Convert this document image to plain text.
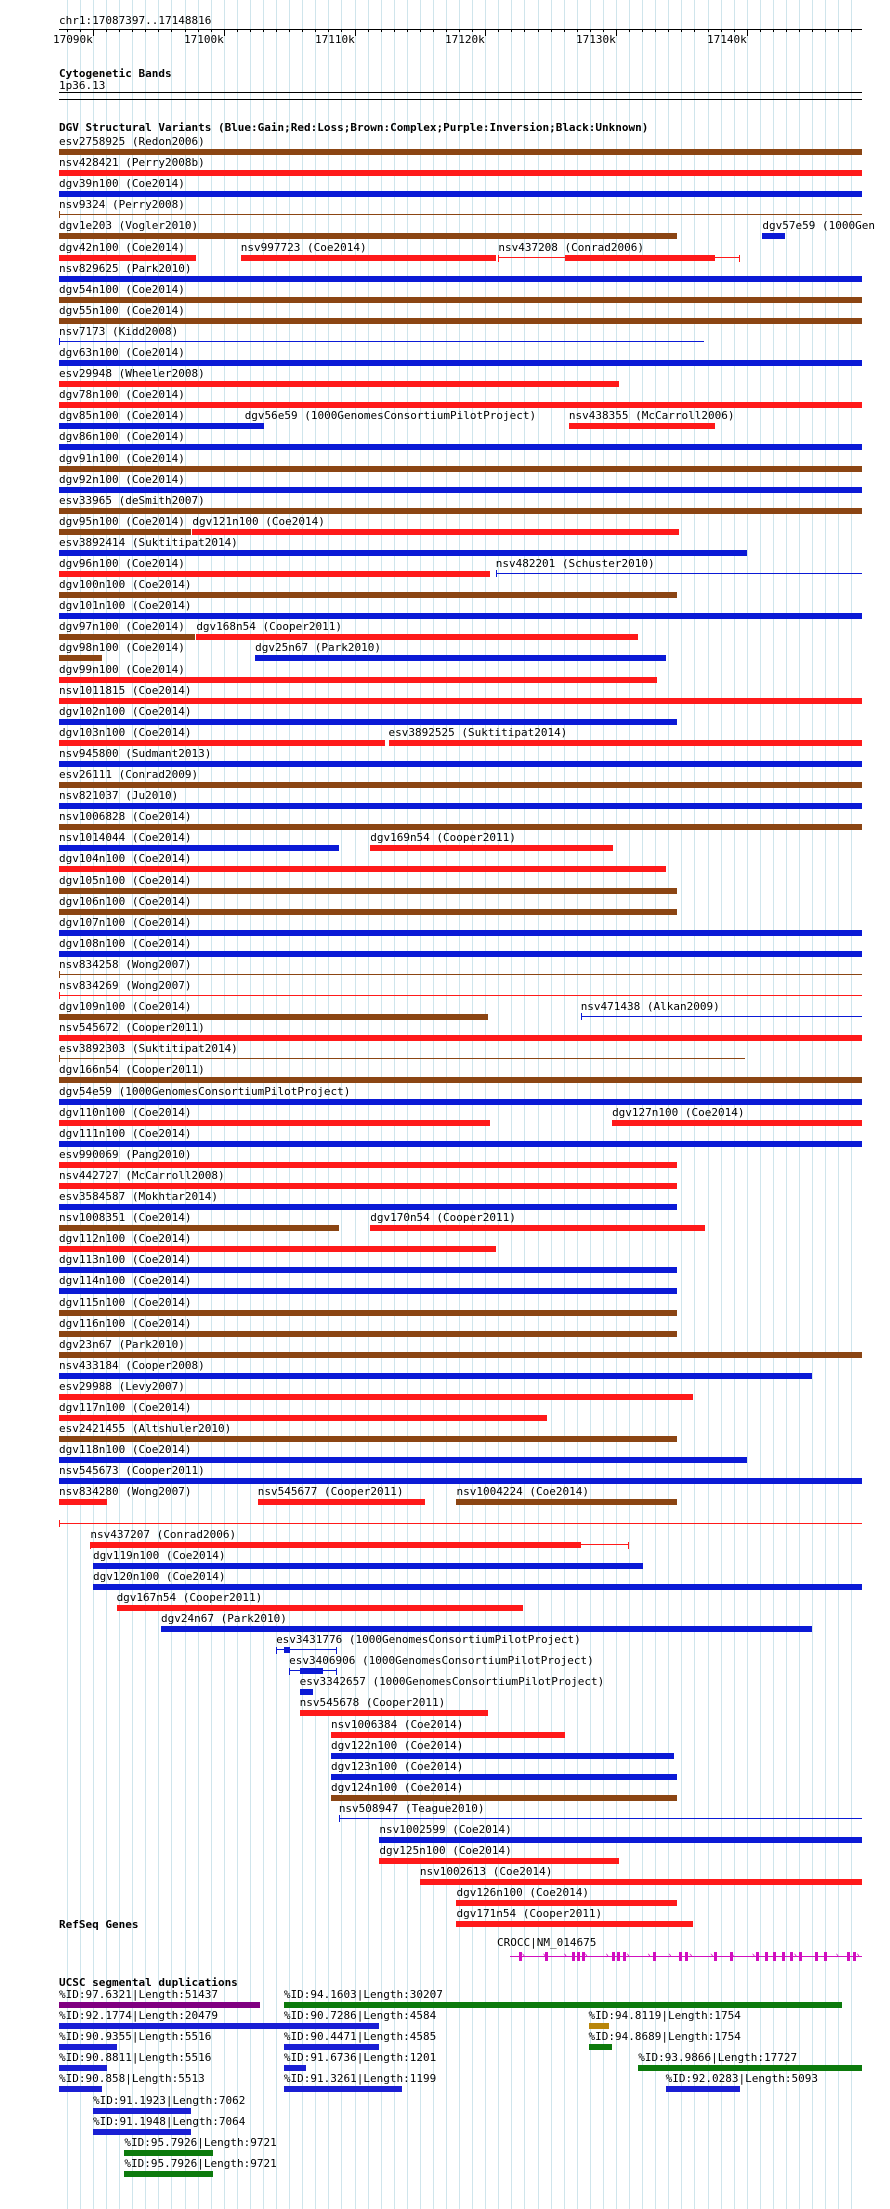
chr1:17087397..17148816
17090k	17100k	17110k	17120k	17130k	17140k
Cytogenetic Bands
1p36.13
DGV Structural Variants (Blue:Gain;Red:Loss;Brown:Complex;Purple:Inversion;Black:Unknown)
esv2758925 (Redon2006)
nsv428421 (Perry2008b)
dgv39n100 (Coe2014)
nsv9324 (Perry2008)
dgv1e203 (Vogler2010)	dgv57e59 (1000Gen
dgv42n100 (Coe2014)	nsv997723 (Coe2014)	nsv437208 (Conrad2006)
nsv829625 (Park2010)
dgv54n100 (Coe2014)
dgv55n100 (Coe2014)
nsv7173 (Kidd2008)
dgv63n100 (Coe2014)
esv29948 (Wheeler2008)
dgv78n100 (Coe2014)
dgv85n100 (Coe2014)	dgv56e59 (1000GenomesConsortiumPilotProject)	nsv438355 (McCarroll2006)
dgv86n100 (Coe2014)
dgv91n100 (Coe2014)
dgv92n100 (Coe2014)
esv33965 (deSmith2007)
dgv95n100 (Coe2014) dgv121n100 (Coe2014)
esv3892414 (Suktitipat2014)
dgv96n100 (Coe2014)	nsv482201 (Schuster2010)
dgv100n100 (Coe2014)
dgv101n100 (Coe2014)
dgv97n100 (Coe2014) dgv168n54 (Cooper2011)
dgv98n100 (Coe2014)	dgv25n67 (Park2010)
dgv99n100 (Coe2014)
nsv1011815 (Coe2014)
dgv102n100 (Coe2014)
dgv103n100 (Coe2014)	esv3892525 (Suktitipat2014)
nsv945800 (Sudmant2013)
esv26111 (Conrad2009)
nsv821037 (Ju2010)
nsv1006828 (Coe2014)
nsv1014044 (Coe2014)	dgv169n54 (Cooper2011)
dgv104n100 (Coe2014)
dgv105n100 (Coe2014)
dgv106n100 (Coe2014)
dgv107n100 (Coe2014)
dgv108n100 (Coe2014)
nsv834258 (Wong2007)
nsv834269 (Wong2007)
dgv109n100 (Coe2014)	nsv471438 (Alkan2009)
nsv545672 (Cooper2011)
esv3892303 (Suktitipat2014)
dgv166n54 (Cooper2011)
dgv54e59 (1000GenomesConsortiumPilotProject)
dgv110n100 (Coe2014)	dgv127n100 (Coe2014)
dgv111n100 (Coe2014)
esv990069 (Pang2010)
nsv442727 (McCarroll2008)
esv3584587 (Mokhtar2014)
nsv1008351 (Coe2014)	dgv170n54 (Cooper2011)
dgv112n100 (Coe2014)
dgv113n100 (Coe2014)
dgv114n100 (Coe2014)
dgv115n100 (Coe2014)
dgv116n100 (Coe2014)
dgv23n67 (Park2010)
nsv433184 (Cooper2008)
esv29988 (Levy2007)
dgv117n100 (Coe2014)
esv2421455 (Altshuler2010)
dgv118n100 (Coe2014)
nsv545673 (Cooper2011)
nsv834280 (Wong2007)	nsv545677 (Cooper2011)	nsv1004224 (Coe2014)
nsv437207 (Conrad2006)
dgv119n100 (Coe2014)
dgv120n100 (Coe2014)
dgv167n54 (Cooper2011)
dgv24n67 (Park2010)
esv3431776 (1000GenomesConsortiumPilotProject)
esv3406906 (1000GenomesConsortiumPilotProject)
esv3342657 (1000GenomesConsortiumPilotProject)
nsv545678 (Cooper2011)
nsv1006384 (Coe2014)
dgv122n100 (Coe2014)
dgv123n100 (Coe2014)
dgv124n100 (Coe2014)
nsv508947 (Teague2010)
nsv1002599 (Coe2014)
dgv125n100 (Coe2014)
nsv1002613 (Coe2014)
dgv126n100 (Coe2014)
dgv171n54 (Cooper2011)
RefSeq Genes
CROCC|NM_014675
› › › › › › › › › › › › › › › › ›
UCSC segmental duplications
%ID:97.6321|Length:51437	%ID:94.1603|Length:30207
%ID:92.1774|Length:20479	%ID:90.7286|Length:4584	%ID:94.8119|Length:1754
%ID:90.9355|Length:5516	%ID:90.4471|Length:4585	%ID:94.8689|Length:1754
%ID:90.8811|Length:5516	%ID:91.6736|Length:1201	%ID:93.9866|Length:17727
%ID:90.858|Length:5513	%ID:91.3261|Length:1199	%ID:92.0283|Length:5093
%ID:91.1923|Length:7062
%ID:91.1948|Length:7064
%ID:95.7926|Length:9721
%ID:95.7926|Length:9721
